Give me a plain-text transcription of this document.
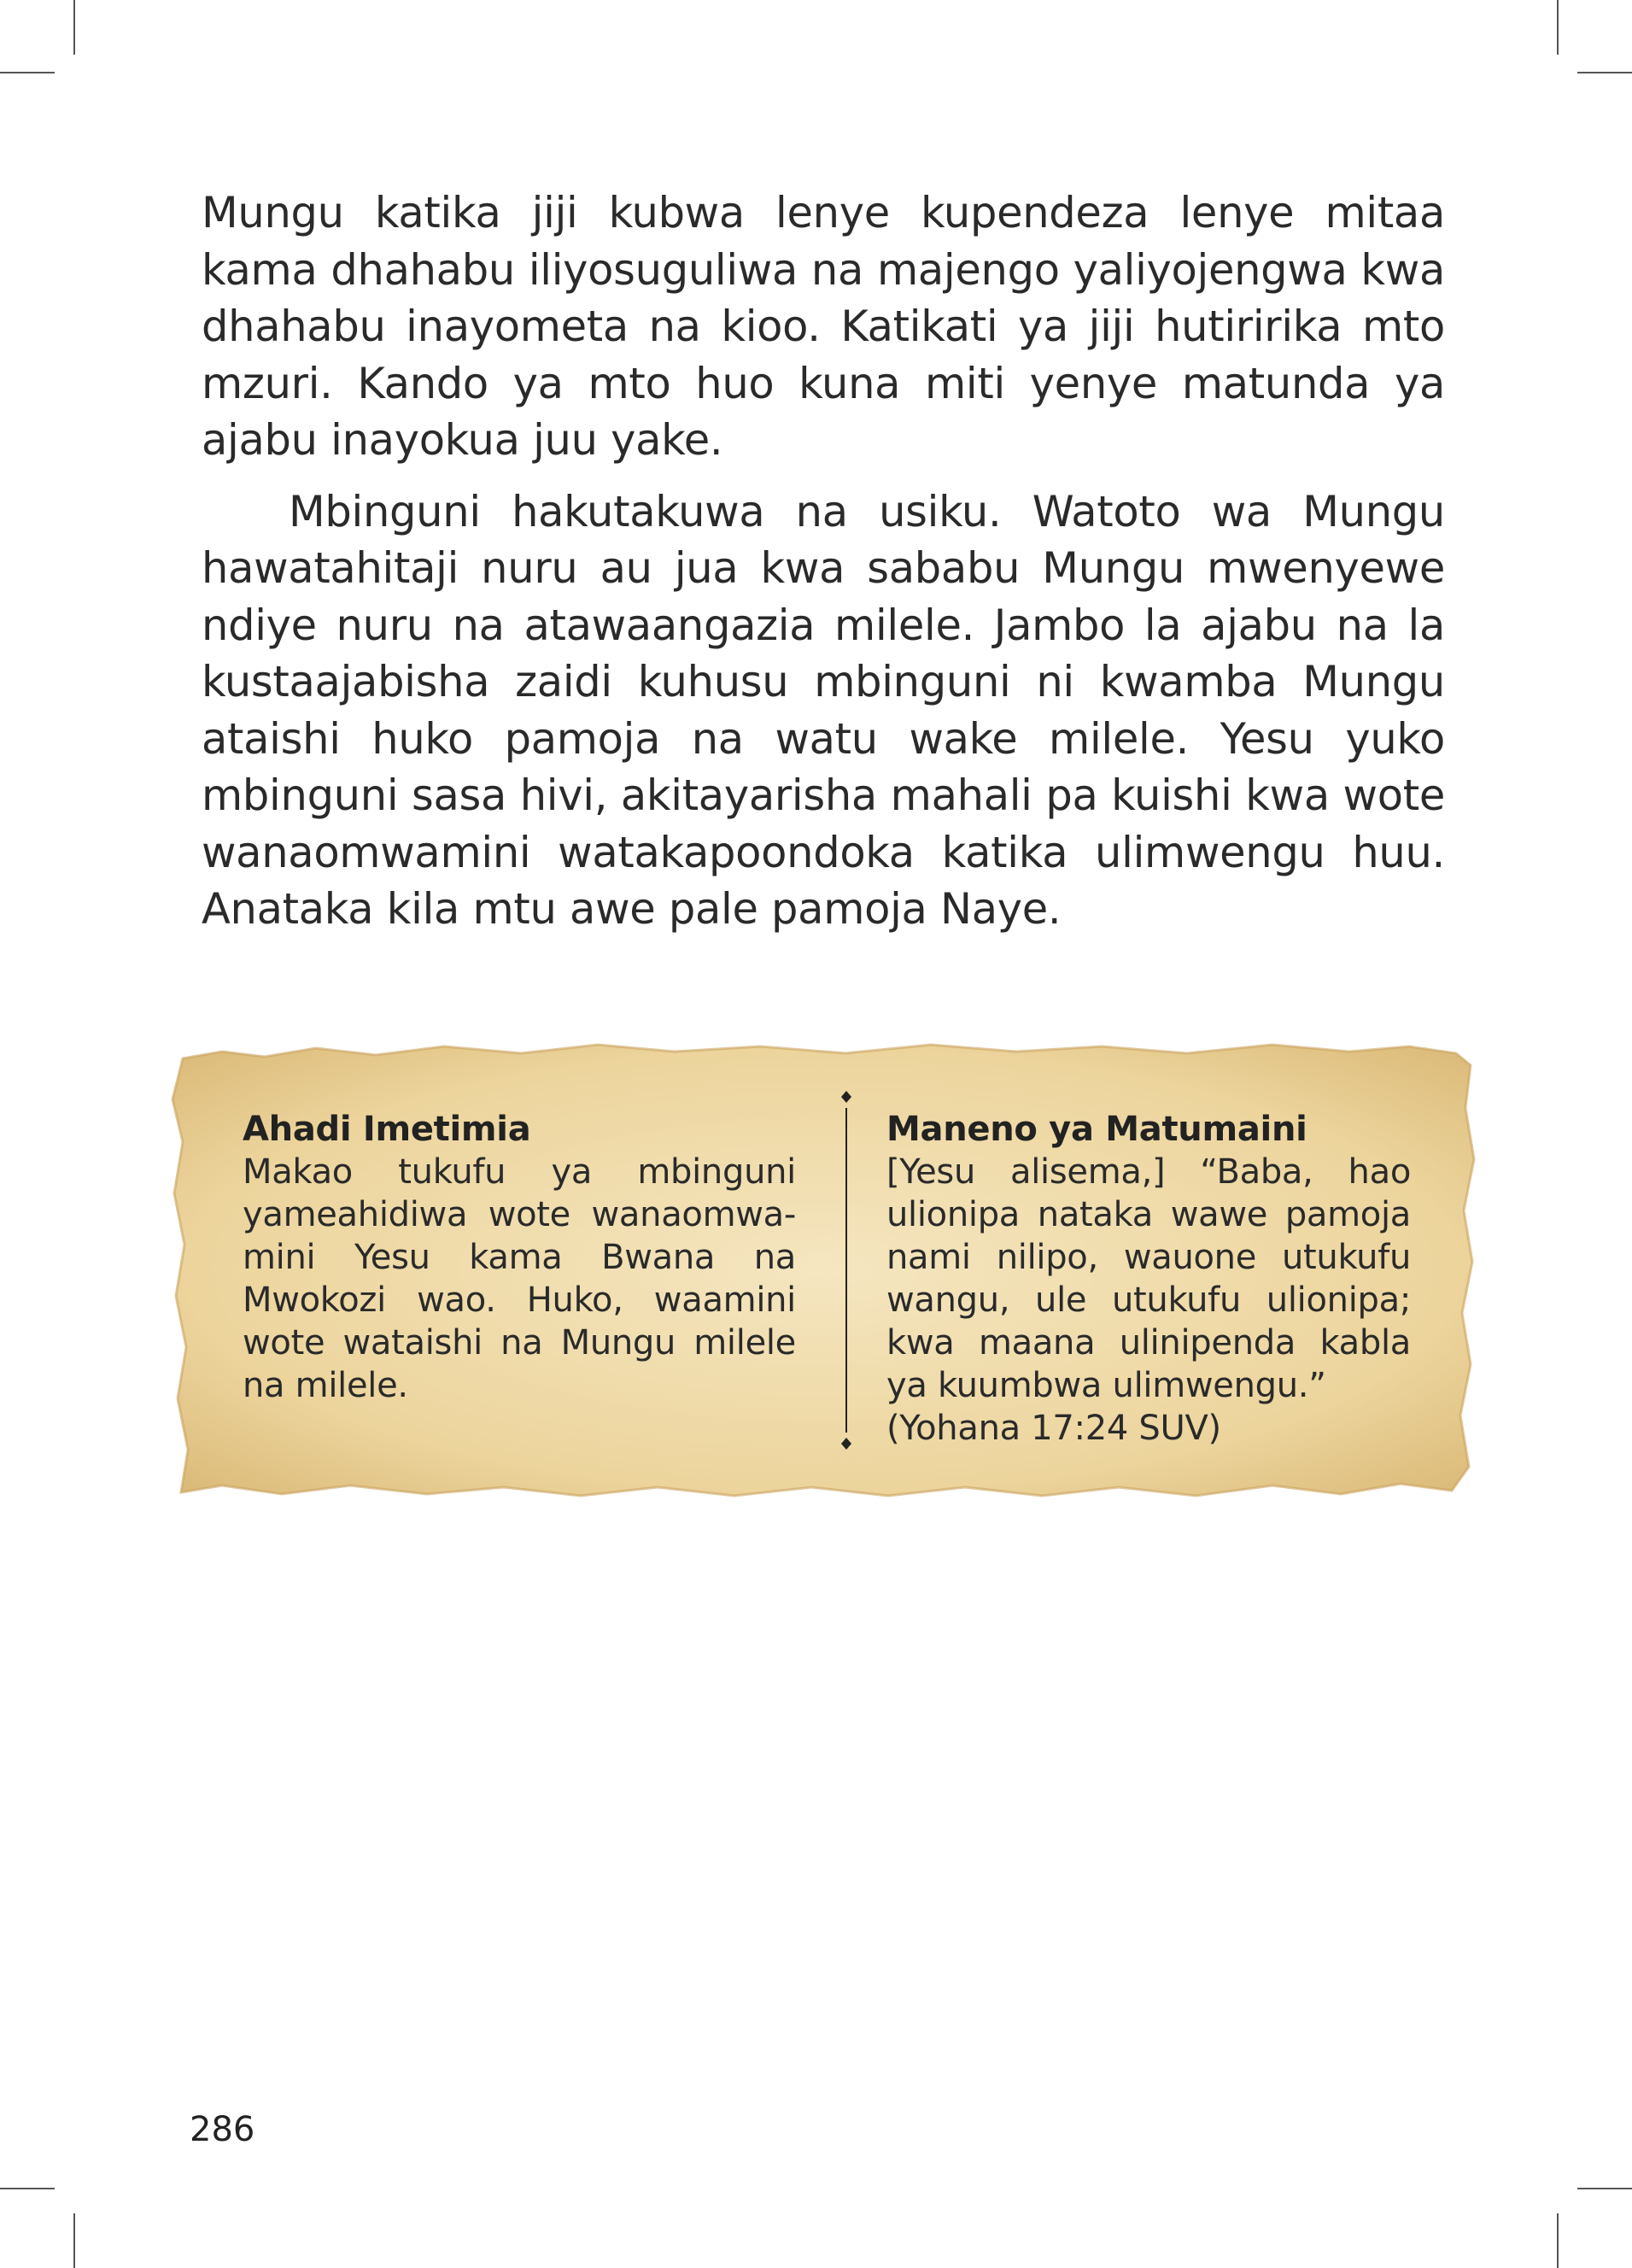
Mungu katika jiji kubwa lenye kupendeza lenye mitaa kama dhahabu iliyosuguliwa na majengo yaliyojengwa kwa dhahabu inayometa na kioo. Katikati ya jiji hutiririka mto mzuri. Kando ya mto huo kuna miti yenye matunda ya ajabu inayokua juu yake.

Mbinguni hakutakuwa na usiku. Watoto wa Mungu hawatahitaji nuru au jua kwa sababu Mungu mwenyewe ndiye nuru na atawaangazia milele. Jambo la ajabu na la kustaajabisha zaidi kuhusu mbinguni ni kwamba Mungu ataishi huko pamoja na watu wake milele. Yesu yuko mbinguni sasa hivi, akitayarisha mahali pa kuishi kwa wote wanaomwamini watakapoondoka katika ulimwengu huu. Anataka kila mtu awe pale pamoja Naye.

Ahadi Imetimia

Makao tukufu ya mbinguni yameahidiwa wote wanaomwa-mini Yesu kama Bwana na Mwokozi wao. Huko, waamini wote wataishi na Mungu milele na milele.

Maneno ya Matumaini

[Yesu alisema,] “Baba, hao ulionipa nataka wawe pamoja nami nilipo, wauone utukufu wangu, ule utukufu ulionipa; kwa maana ulinipenda kabla ya kuumbwa ulimwengu.”

(Yohana 17:24 SUV)

286
